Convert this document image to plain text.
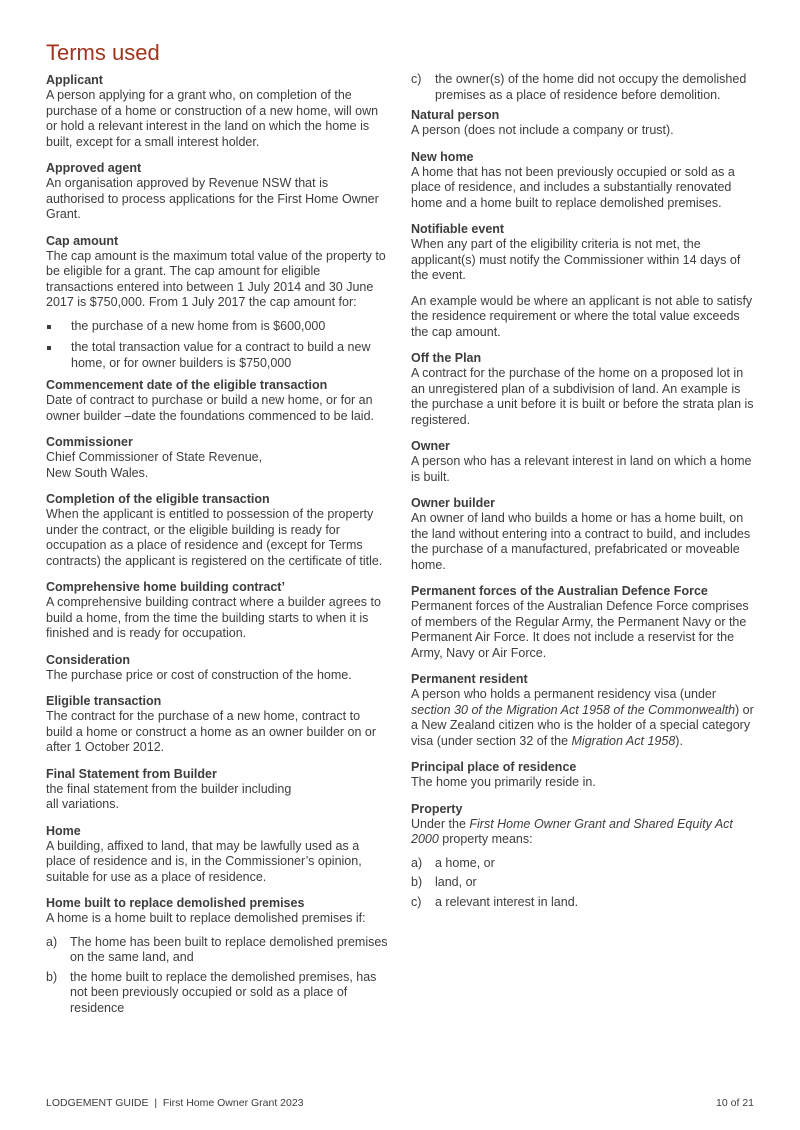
Terms used
Applicant

A person applying for a grant who, on completion of the purchase of a home or construction of a new home, will own or hold a relevant interest in the land on which the home is built, except for a small interest holder.

Approved agent

An organisation approved by Revenue NSW that is authorised to process applications for the First Home Owner Grant.

Cap amount

The cap amount is the maximum total value of the property to be eligible for a grant. The cap amount for eligible transactions entered into between 1 July 2014 and 30 June 2017 is $750,000. From 1 July 2017 the cap amount for:

the purchase of a new home from is $600,000
the total transaction value for a contract to build a new home, or for owner builders is $750,000
Commencement date of the eligible transaction

Date of contract to purchase or build a new home, or for an owner builder –date the foundations commenced to be laid.

Commissioner

Chief Commissioner of State Revenue,
New South Wales.

Completion of the eligible transaction

When the applicant is entitled to possession of the property under the contract, or the eligible building is ready for occupation as a place of residence and (except for Terms contracts) the applicant is registered on the certificate of title.

Comprehensive home building contract’

A comprehensive building contract where a builder agrees to build a home, from the time the building starts to when it is finished and is ready for occupation.

Consideration

The purchase price or cost of construction of the home.

Eligible transaction

The contract for the purchase of a new home, contract to build a home or construct a home as an owner builder on or after 1 October 2012.

Final Statement from Builder

the final statement from the builder including
all variations.

Home

A building, affixed to land, that may be lawfully used as a place of residence and is, in the Commissioner’s opinion, suitable for use as a place of residence.

Home built to replace demolished premises

A home is a home built to replace demolished premises if:

a) The home has been built to replace demolished premises on the same land, and
b) the home built to replace the demolished premises, has not been previously occupied or sold as a place of residence
c) the owner(s) of the home did not occupy the demolished premises as a place of residence before demolition.
Natural person

A person (does not include a company or trust).

New home

A home that has not been previously occupied or sold as a place of residence, and includes a substantially renovated home and a home built to replace demolished premises.

Notifiable event

When any part of the eligibility criteria is not met, the applicant(s) must notify the Commissioner within 14 days of the event.

An example would be where an applicant is not able to satisfy the residence requirement or where the total value exceeds the cap amount.

Off the Plan

A contract for the purchase of the home on a proposed lot in an unregistered plan of a subdivision of land. An example is the purchase a unit before it is built or before the strata plan is registered.

Owner

A person who has a relevant interest in land on which a home is built.

Owner builder

An owner of land who builds a home or has a home built, on the land without entering into a contract to build, and includes the purchase of a manufactured, prefabricated or moveable home.

Permanent forces of the Australian Defence Force

Permanent forces of the Australian Defence Force comprises of members of the Regular Army, the Permanent Navy or the Permanent Air Force. It does not include a reservist for the Army, Navy or Air Force.

Permanent resident

A person who holds a permanent residency visa (under section 30 of the Migration Act 1958 of the Commonwealth) or a New Zealand citizen who is the holder of a special category visa (under section 32 of the Migration Act 1958).

Principal place of residence

The home you primarily reside in.

Property

Under the First Home Owner Grant and Shared Equity Act 2000 property means:

a) a home, or
b) land, or
c) a relevant interest in land.
LODGEMENT GUIDE  |  First Home Owner Grant 2023	10 of 21
